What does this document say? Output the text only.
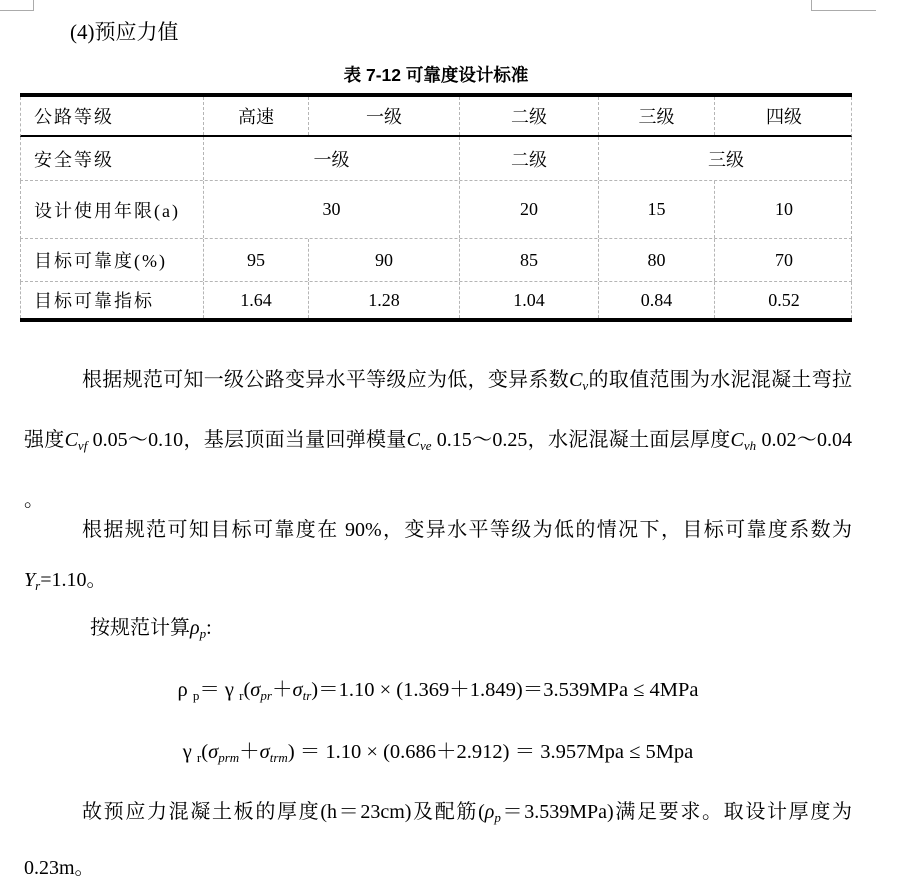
(4)预应力值
表 7-12 可靠度设计标准
公路等级	高速	一级	二级	三级	四级
安全等级	一级	二级	三级
设计使用年限(a)	30	20	15	10
目标可靠度(%)	95	90	85	80	70
目标可靠指标	1.64	1.28	1.04	0.84	0.52
根据规范可知一级公路变异水平等级应为低，变异系数$C_v$的取值范围为水泥混凝土弯拉强度$C_{vf}$ 0.05～0.10，基层顶面当量回弹模量$C_{ve}$ 0.15～0.25，水泥混凝土面层厚度$C_{vh}$ 0.02～0.04 。
根据规范可知目标可靠度在 90%，变异水平等级为低的情况下，目标可靠度系数为$Y_r=1.10$。
按规范计算$\rho_p$:
ρ $_p$＝ γ $_r$(σpr＋σtr)＝1.10 × (1.369＋1.849)＝3.539MPa ≤ 4MPa
γ $_r$(σprm＋σtrm) ＝ 1.10 × (0.686＋2.912) ＝ 3.957Mpa ≤ 5Mpa
故预应力混凝土板的厚度(h＝23cm)及配筋$(\rho_p=3.539MPa)$满足要求。取设计厚度为 0.23m。
